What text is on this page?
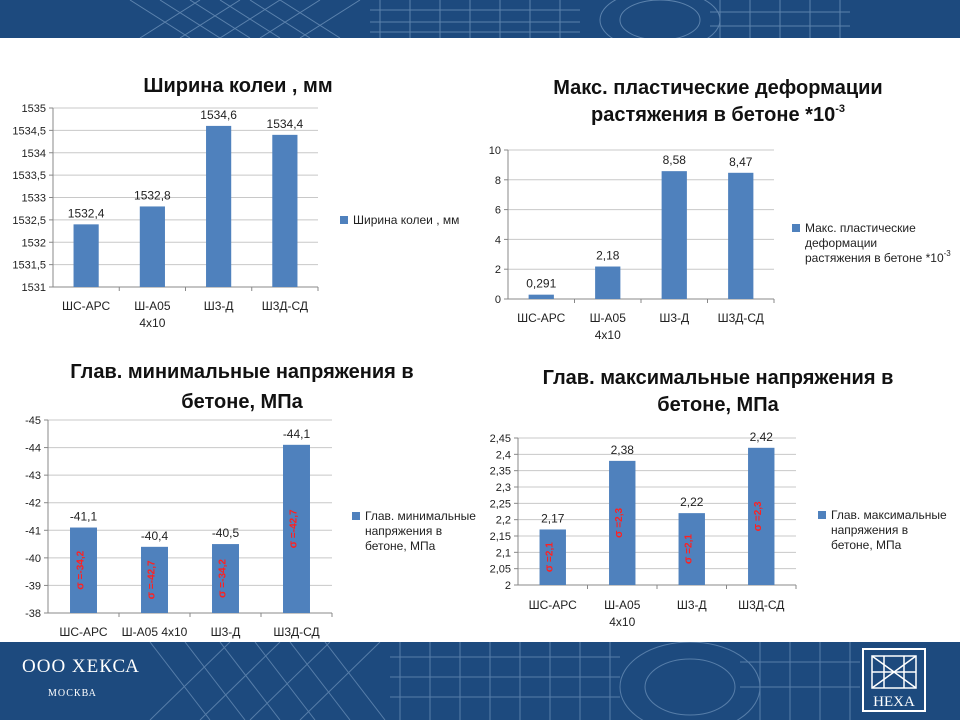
ООО ХЕКСА
МОСКВА
HEXA
Ширина колеи , мм
1531
1531,5
1532
1532,5
1533
1533,5
1534
1534,5
1535
1532,4
ШС-АРС
1532,8
Ш-А05
4х10
1534,6
Ш3-Д
1534,4
Ш3Д-СД
Ширина колеи , мм
Макс. пластические деформации
растяжения в бетоне $*10^{-3}$
0
2
4
6
8
10
0,291
ШС-АРС
2,18
Ш-А05
4х10
8,58
Ш3-Д
8,47
Ш3Д-СД
Макс. пластические
деформации
растяжения в бетоне $*10^{-3}$
Глав. минимальные напряжения в
бетоне, МПа
-38
-39
-40
-41
-42
-43
-44
-45
-41,1
ШС-АРС
σ =-34,2
-40,4
Ш-А05 4х10
σ =-42,7
-40,5
Ш3-Д
σ =-34,2
-44,1
Ш3Д-СД
σ =-42,7	Глав. минимальные
напряжения в
бетоне, МПа
Глав. максимальные напряжения в
бетоне, МПа
2
2,05
2,1
2,15
2,2
2,25
2,3
2,35
2,4
2,45
2,17
ШС-АРС
σ =2,1
2,38
Ш-А05
4х10
σ =2,3
2,22
Ш3-Д
σ =2,1
2,42
Ш3Д-СД
σ =2,3	Глав. максимальные
напряжения в
бетоне, МПа
